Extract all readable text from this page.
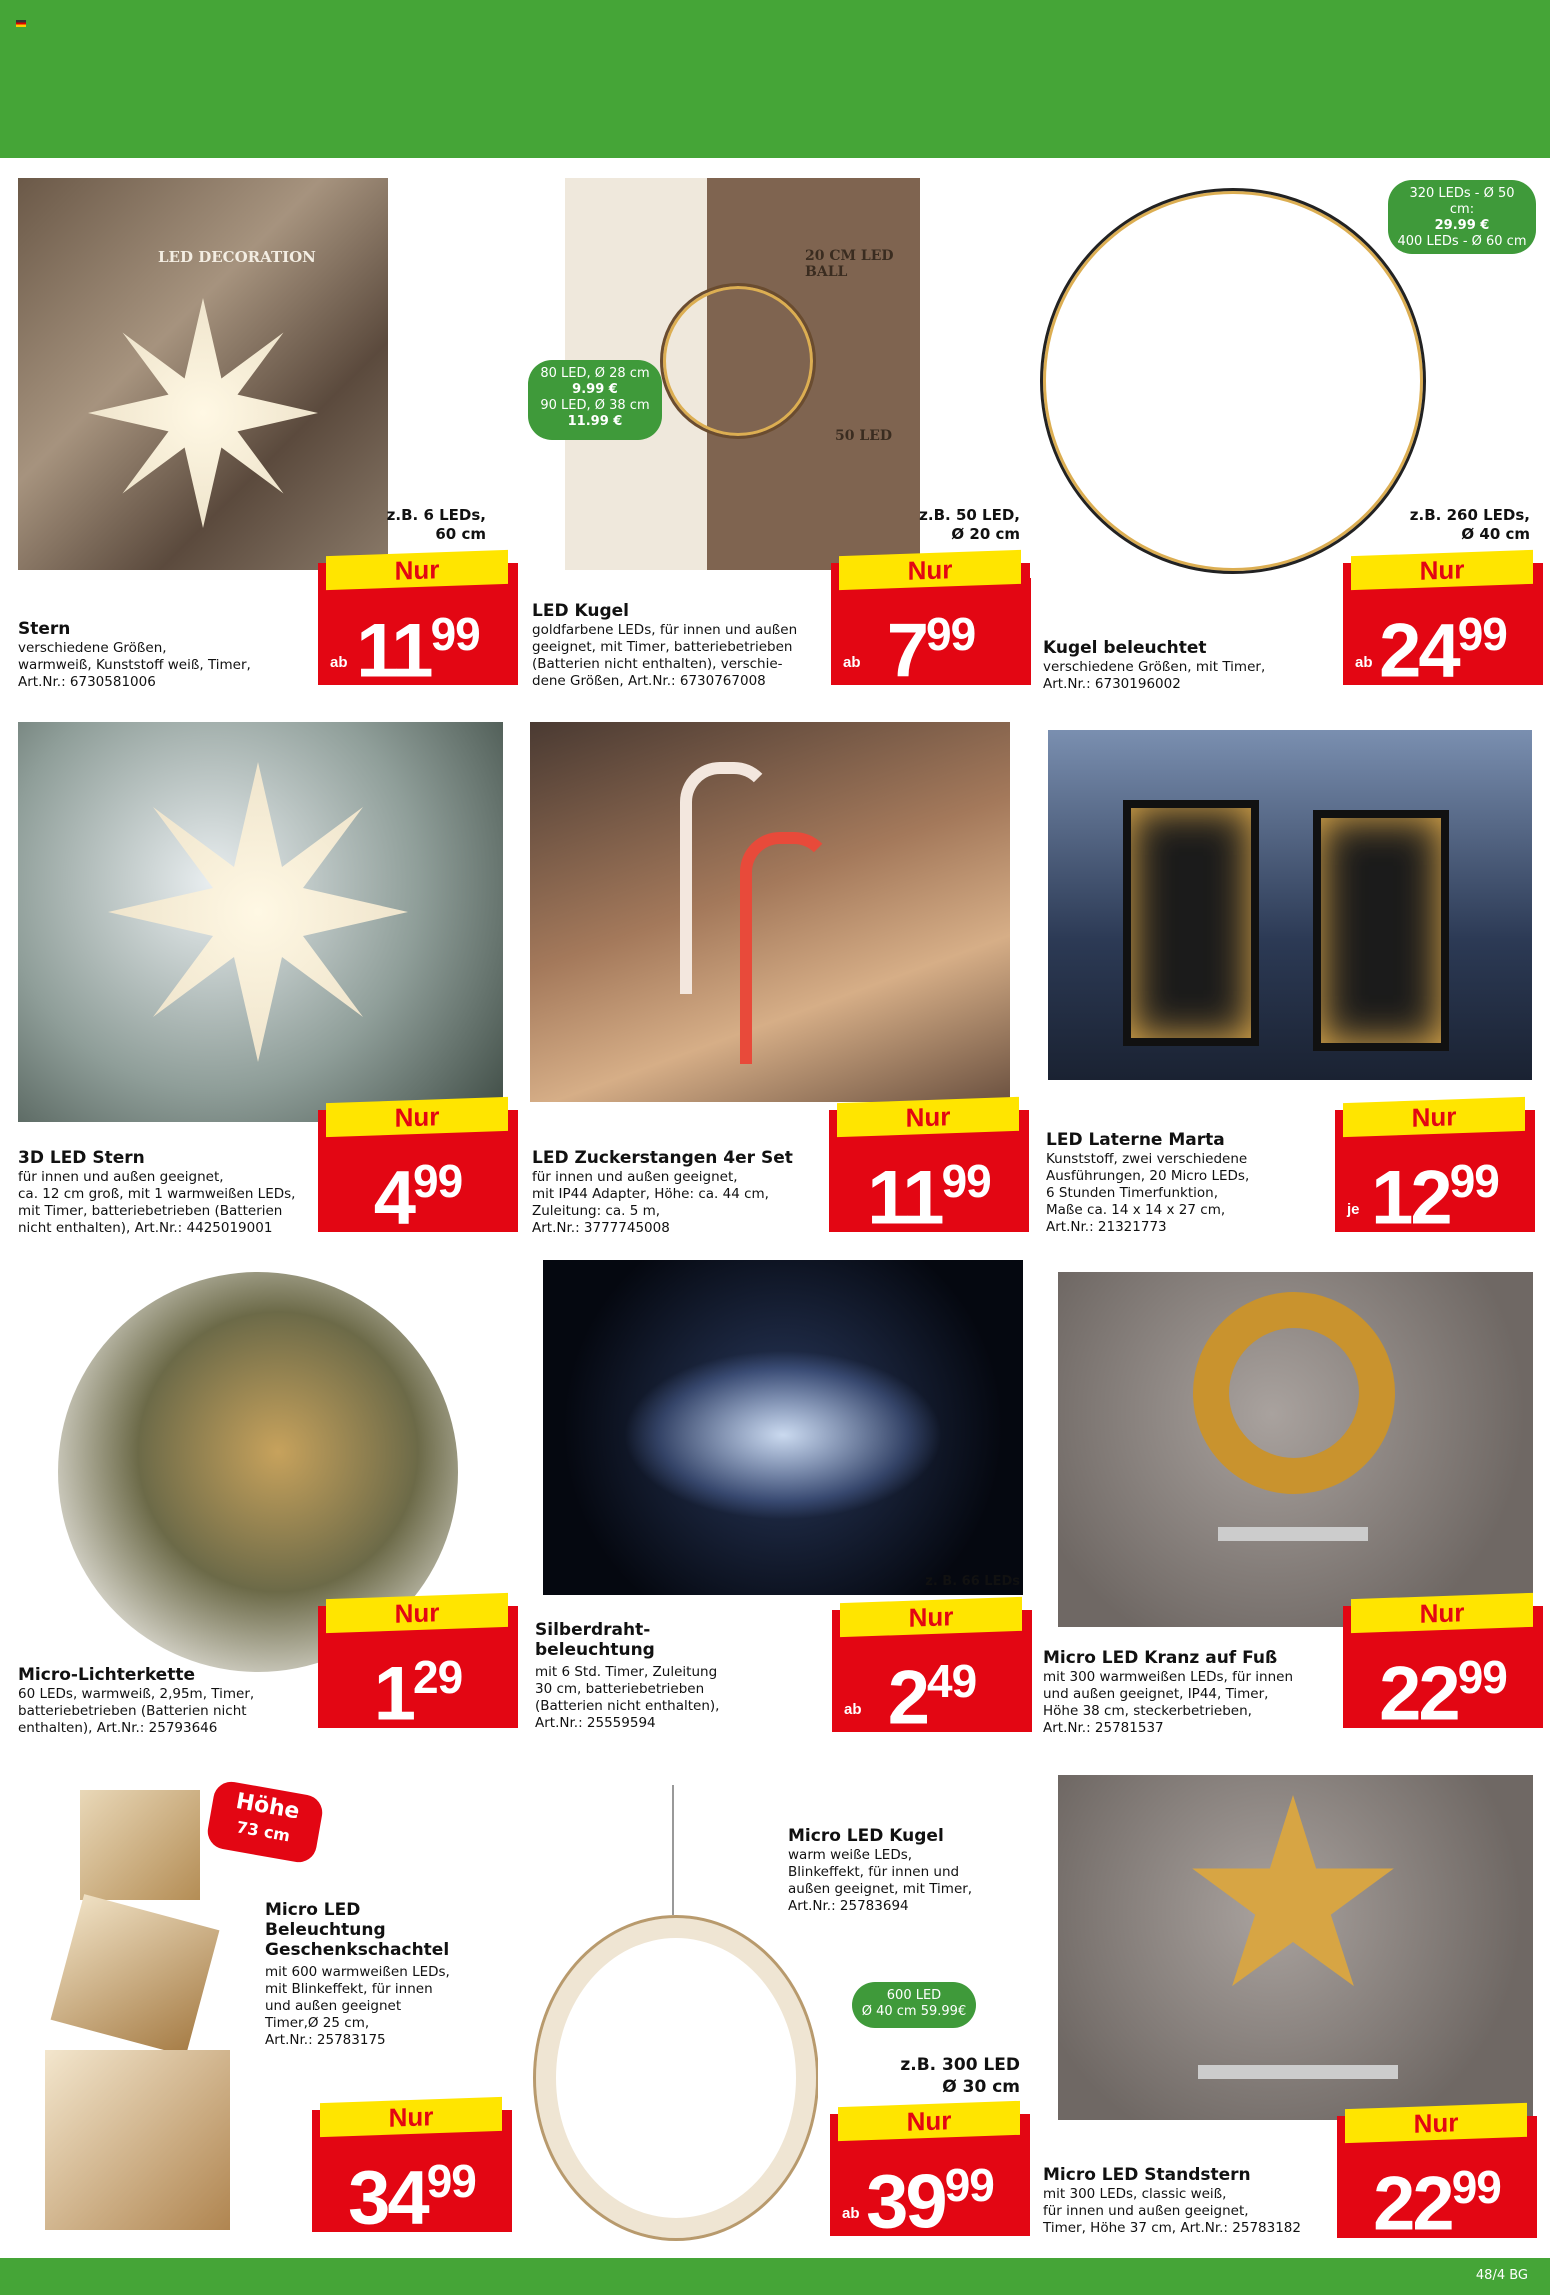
LED DECORATION
z.B. 6 LEDs,
60 cm
Stern
verschiedene Größen,
warmweiß, Kunststoff weiß, Timer,
Art.Nr.: 6730581006
Nur
$11^{99}$
ab
20 CM LED BALL
50 LED
80 LED, Ø 28 cm
9.99 €
90 LED, Ø 38 cm
11.99 €
z.B. 50 LED,
Ø 20 cm
LED Kugel
goldfarbene LEDs, für innen und außen
geeignet, mit Timer, batteriebetrieben
(Batterien nicht enthalten), verschie-
dene Größen, Art.Nr.: 6730767008
Nur
$7^{99}$
ab
320 LEDs - Ø 50 cm:
29.99 €
400 LEDs - Ø 60 cm -
39.99 €
z.B. 260 LEDs,
Ø 40 cm
Kugel beleuchtet
verschiedene Größen, mit Timer,
Art.Nr.: 6730196002
Nur
$24^{99}$
ab
3D LED Stern
für innen und außen geeignet,
ca. 12 cm groß, mit 1 warmweißen LEDs,
mit Timer, batteriebetrieben (Batterien
nicht enthalten), Art.Nr.: 4425019001
Nur
$4^{99}$	LED Zuckerstangen 4er Set
für innen und außen geeignet,
mit IP44 Adapter, Höhe: ca. 44 cm,
Zuleitung: ca. 5 m,
Art.Nr.: 3777745008
Nur
$11^{99}$
LED Laterne Marta
Kunststoff, zwei verschiedene
Ausführungen, 20 Micro LEDs,
6 Stunden Timerfunktion,
Maße ca. 14 x 14 x 27 cm,
Art.Nr.: 21321773
Nur
$12^{99}$
je
Micro-Lichterkette
60 LEDs, warmweiß, 2,95m, Timer,
batteriebetrieben (Batterien nicht
enthalten), Art.Nr.: 25793646
Nur
$1^{29}$
z. B. 66 LEDs
Silberdraht-
beleuchtung
mit 6 Std. Timer, Zuleitung
30 cm, batteriebetrieben
(Batterien nicht enthalten),
Art.Nr.: 25559594
Nur
$2^{49}$
ab
Micro LED Kranz auf Fuß
mit 300 warmweißen LEDs, für innen
und außen geeignet, IP44, Timer,
Höhe 38 cm, steckerbetrieben,
Art.Nr.: 25781537
Nur
$22^{99}$
Höhe
73 cm
Micro LED
Beleuchtung
Geschenkschachtel
mit 600 warmweißen LEDs,
mit Blinkeffekt, für innen
und außen geeignet
Timer,Ø 25 cm,
Art.Nr.: 25783175
Nur
$34^{99}$
Micro LED Kugel
warm weiße LEDs,
Blinkeffekt, für innen und
außen geeignet, mit Timer,
Art.Nr.: 25783694
600 LED
Ø 40 cm 59.99€
z.B. 300 LED
Ø 30 cm
Nur
$39^{99}$
ab
Micro LED Standstern
mit 300 LEDs, classic weiß,
für innen und außen geeignet,
Timer, Höhe 37 cm, Art.Nr.: 25783182
Nur
$22^{99}$
48/4 BG
